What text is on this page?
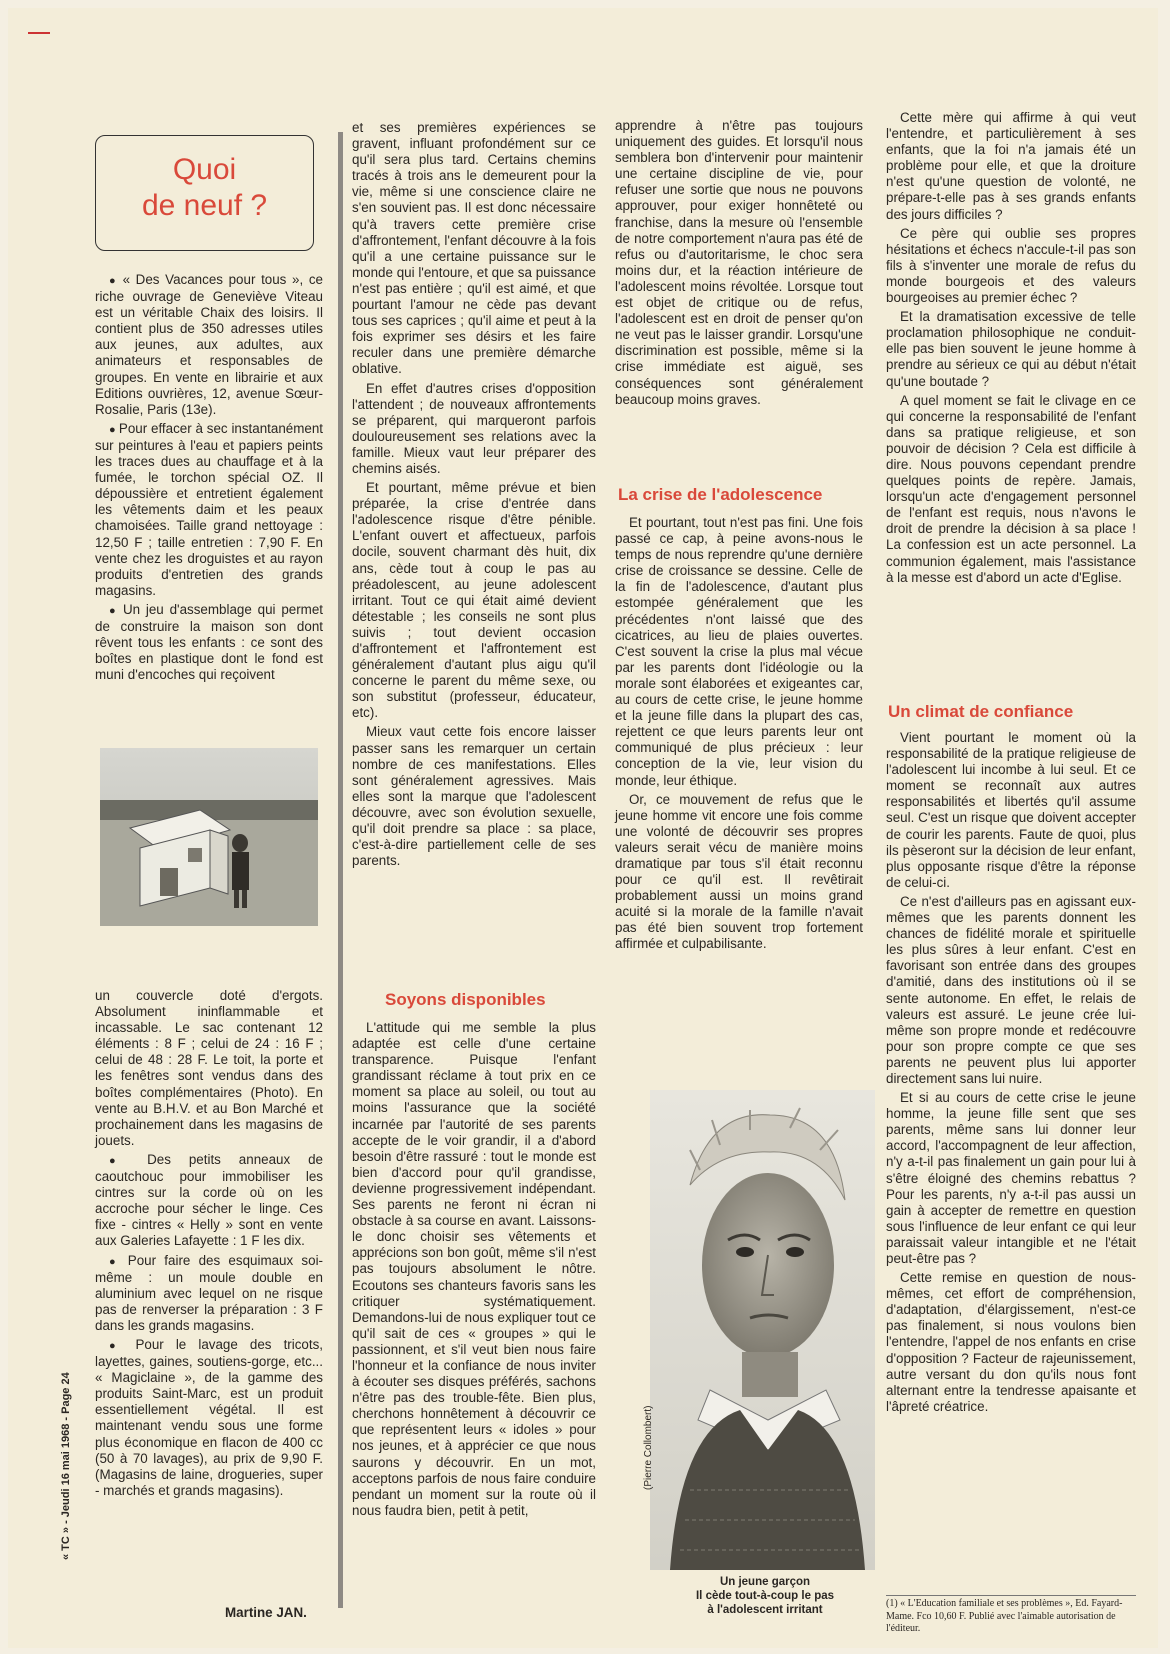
Quoi
de neuf ?

● « Des Vacances pour tous », ce riche ouvrage de Geneviève Viteau est un véritable Chaix des loisirs. Il contient plus de 350 adresses utiles aux jeunes, aux adultes, aux animateurs et responsables de groupes. En vente en librairie et aux Editions ouvrières, 12, avenue Sœur-Rosalie, Paris (13e).

● Pour effacer à sec instantanément sur peintures à l'eau et papiers peints les traces dues au chauffage et à la fumée, le torchon spécial OZ. Il dépoussière et entretient également les vêtements daim et les peaux chamoisées. Taille grand nettoyage : 12,50 F ; taille entretien : 7,90 F. En vente chez les droguistes et au rayon produits d'entretien des grands magasins.

● Un jeu d'assemblage qui permet de construire la maison son dont rêvent tous les enfants : ce sont des boîtes en plastique dont le fond est muni d'encoches qui reçoivent

un couvercle doté d'ergots. Absolument ininflammable et incassable. Le sac contenant 12 éléments : 8 F ; celui de 24 : 16 F ; celui de 48 : 28 F. Le toit, la porte et les fenêtres sont vendus dans des boîtes complémentaires (Photo). En vente au B.H.V. et au Bon Marché et prochainement dans les magasins de jouets.

● Des petits anneaux de caoutchouc pour immobiliser les cintres sur la corde où on les accroche pour sécher le linge. Ces fixe - cintres « Helly » sont en vente aux Galeries Lafayette : 1 F les dix.

● Pour faire des esquimaux soi-même : un moule double en aluminium avec lequel on ne risque pas de renverser la préparation : 3 F dans les grands magasins.

● Pour le lavage des tricots, layettes, gaines, soutiens-gorge, etc... « Magiclaine », de la gamme des produits Saint-Marc, est un produit essentiellement végétal. Il est maintenant vendu sous une forme plus économique en flacon de 400 cc (50 à 70 lavages), au prix de 9,90 F. (Magasins de laine, drogueries, super - marchés et grands magasins).

Martine JAN.
« TC » - Jeudi 16 mai 1968 - Page 24

et ses premières expériences se gravent, influant profondément sur ce qu'il sera plus tard. Certains chemins tracés à trois ans le demeurent pour la vie, même si une conscience claire ne s'en souvient pas. Il est donc nécessaire qu'à travers cette première crise d'affrontement, l'enfant découvre à la fois qu'il a une certaine puissance sur le monde qui l'entoure, et que sa puissance n'est pas entière ; qu'il est aimé, et que pourtant l'amour ne cède pas devant tous ses caprices ; qu'il aime et peut à la fois exprimer ses désirs et les faire reculer dans une première démarche oblative.

En effet d'autres crises d'opposition l'attendent ; de nouveaux affrontements se préparent, qui marqueront parfois douloureusement ses relations avec la famille. Mieux vaut leur préparer des chemins aisés.

Et pourtant, même prévue et bien préparée, la crise d'entrée dans l'adolescence risque d'être pénible. L'enfant ouvert et affectueux, parfois docile, souvent charmant dès huit, dix ans, cède tout à coup le pas au préadolescent, au jeune adolescent irritant. Tout ce qui était aimé devient détestable ; les conseils ne sont plus suivis ; tout devient occasion d'affrontement et l'affrontement est généralement d'autant plus aigu qu'il concerne le parent du même sexe, ou son substitut (professeur, éducateur, etc).

Mieux vaut cette fois encore laisser passer sans les remarquer un certain nombre de ces manifestations. Elles sont généralement agressives. Mais elles sont la marque que l'adolescent découvre, avec son évolution sexuelle, qu'il doit prendre sa place : sa place, c'est-à-dire partiellement celle de ses parents.

Soyons disponibles

L'attitude qui me semble la plus adaptée est celle d'une certaine transparence. Puisque l'enfant grandissant réclame à tout prix en ce moment sa place au soleil, ou tout au moins l'assurance que la société incarnée par l'autorité de ses parents accepte de le voir grandir, il a d'abord besoin d'être rassuré : tout le monde est bien d'accord pour qu'il grandisse, devienne progressivement indépendant. Ses parents ne feront ni écran ni obstacle à sa course en avant. Laissons-le donc choisir ses vêtements et apprécions son bon goût, même s'il n'est pas toujours absolument le nôtre. Ecoutons ses chanteurs favoris sans les critiquer systématiquement. Demandons-lui de nous expliquer tout ce qu'il sait de ces « groupes » qui le passionnent, et s'il veut bien nous faire l'honneur et la confiance de nous inviter à écouter ses disques préférés, sachons n'être pas des trouble-fête. Bien plus, cherchons honnêtement à découvrir ce que représentent leurs « idoles » pour nos jeunes, et à apprécier ce que nous saurons y découvrir. En un mot, acceptons parfois de nous faire conduire pendant un moment sur la route où il nous faudra bien, petit à petit,

apprendre à n'être pas toujours uniquement des guides. Et lorsqu'il nous semblera bon d'intervenir pour maintenir une certaine discipline de vie, pour refuser une sortie que nous ne pouvons approuver, pour exiger honnêteté ou franchise, dans la mesure où l'ensemble de notre comportement n'aura pas été de refus ou d'autoritarisme, le choc sera moins dur, et la réaction intérieure de l'adolescent moins révoltée. Lorsque tout est objet de critique ou de refus, l'adolescent est en droit de penser qu'on ne veut pas le laisser grandir. Lorsqu'une discrimination est possible, même si la crise immédiate est aiguë, ses conséquences sont généralement beaucoup moins graves.

La crise de l'adolescence

Et pourtant, tout n'est pas fini. Une fois passé ce cap, à peine avons-nous le temps de nous reprendre qu'une dernière crise de croissance se dessine. Celle de la fin de l'adolescence, d'autant plus estompée généralement que les précédentes n'ont laissé que des cicatrices, au lieu de plaies ouvertes. C'est souvent la crise la plus mal vécue par les parents dont l'idéologie ou la morale sont élaborées et exigeantes car, au cours de cette crise, le jeune homme et la jeune fille dans la plupart des cas, rejettent ce que leurs parents leur ont communiqué de plus précieux : leur conception de la vie, leur vision du monde, leur éthique.

Or, ce mouvement de refus que le jeune homme vit encore une fois comme une volonté de découvrir ses propres valeurs serait vécu de manière moins dramatique par tous s'il était reconnu pour ce qu'il est. Il revêtirait probablement aussi un moins grand acuité si la morale de la famille n'avait pas été bien souvent trop fortement affirmée et culpabilisante.

(Pierre Collombert)
Un jeune garçon
Il cède tout-à-coup le pas
à l'adolescent irritant

Cette mère qui affirme à qui veut l'entendre, et particulièrement à ses enfants, que la foi n'a jamais été un problème pour elle, et que la droiture n'est qu'une question de volonté, ne prépare-t-elle pas à ses grands enfants des jours difficiles ?

Ce père qui oublie ses propres hésitations et échecs n'accule-t-il pas son fils à s'inventer une morale de refus du monde bourgeois et des valeurs bourgeoises au premier échec ?

Et la dramatisation excessive de telle proclamation philosophique ne conduit-elle pas bien souvent le jeune homme à prendre au sérieux ce qui au début n'était qu'une boutade ?

A quel moment se fait le clivage en ce qui concerne la responsabilité de l'enfant dans sa pratique religieuse, et son pouvoir de décision ? Cela est difficile à dire. Nous pouvons cependant prendre quelques points de repère. Jamais, lorsqu'un acte d'engagement personnel de l'enfant est requis, nous n'avons le droit de prendre la décision à sa place ! La confession est un acte personnel. La communion également, mais l'assistance à la messe est d'abord un acte d'Eglise.

Un climat de confiance

Vient pourtant le moment où la responsabilité de la pratique religieuse de l'adolescent lui incombe à lui seul. Et ce moment se reconnaît aux autres responsabilités et libertés qu'il assume seul. C'est un risque que doivent accepter de courir les parents. Faute de quoi, plus ils pèseront sur la décision de leur enfant, plus opposante risque d'être la réponse de celui-ci.

Ce n'est d'ailleurs pas en agissant eux-mêmes que les parents donnent les chances de fidélité morale et spirituelle les plus sûres à leur enfant. C'est en favorisant son entrée dans des groupes d'amitié, dans des institutions où il se sente autonome. En effet, le relais de valeurs est assuré. Le jeune crée lui-même son propre monde et redécouvre pour son propre compte ce que ses parents ne peuvent plus lui apporter directement sans lui nuire.

Et si au cours de cette crise le jeune homme, la jeune fille sent que ses parents, même sans lui donner leur accord, l'accompagnent de leur affection, n'y a-t-il pas finalement un gain pour lui à s'être éloigné des chemins rebattus ? Pour les parents, n'y a-t-il pas aussi un gain à accepter de remettre en question sous l'influence de leur enfant ce qui leur paraissait valeur intangible et ne l'était peut-être pas ?

Cette remise en question de nous-mêmes, cet effort de compréhension, d'adaptation, d'élargissement, n'est-ce pas finalement, si nous voulons bien l'entendre, l'appel de nos enfants en crise d'opposition ? Facteur de rajeunissement, autre versant du don qu'ils nous font alternant entre la tendresse apaisante et l'âpreté créatrice.

(1) « L'Education familiale et ses problèmes », Ed. Fayard-Mame. Fco 10,60 F. Publié avec l'aimable autorisation de l'éditeur.
